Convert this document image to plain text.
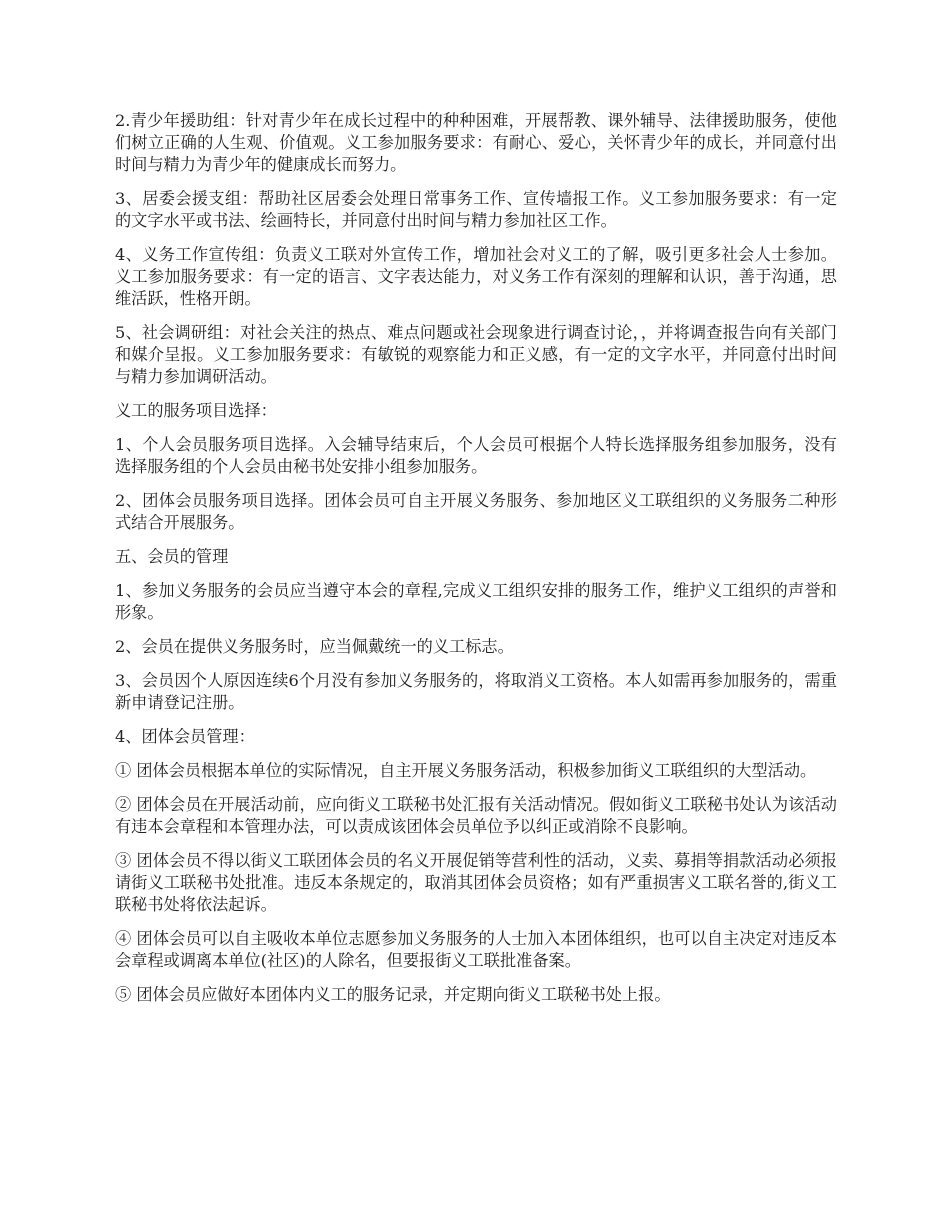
2.青少年援助组：针对青少年在成长过程中的种种困难，开展帮教、课外辅导、法律援助服务，使他们树立正确的人生观、价值观。义工参加服务要求：有耐心、爱心，关怀青少年的成长，并同意付出时间与精力为青少年的健康成长而努力。

3、居委会援支组：帮助社区居委会处理日常事务工作、宣传墙报工作。义工参加服务要求：有一定的文字水平或书法、绘画特长，并同意付出时间与精力参加社区工作。

4、义务工作宣传组：负责义工联对外宣传工作，增加社会对义工的了解，吸引更多社会人士参加。义工参加服务要求：有一定的语言、文字表达能力，对义务工作有深刻的理解和认识，善于沟通，思维活跃，性格开朗。

5、社会调研组：对社会关注的热点、难点问题或社会现象进行调查讨论，，并将调查报告向有关部门和媒介呈报。义工参加服务要求：有敏锐的观察能力和正义感，有一定的文字水平，并同意付出时间与精力参加调研活动。

义工的服务项目选择：

1、个人会员服务项目选择。入会辅导结束后，个人会员可根据个人特长选择服务组参加服务，没有选择服务组的个人会员由秘书处安排小组参加服务。

2、团体会员服务项目选择。团体会员可自主开展义务服务、参加地区义工联组织的义务服务二种形式结合开展服务。

五、会员的管理

1、参加义务服务的会员应当遵守本会的章程,完成义工组织安排的服务工作，维护义工组织的声誉和形象。

2、会员在提供义务服务时，应当佩戴统一的义工标志。

3、会员因个人原因连续6个月没有参加义务服务的，将取消义工资格。本人如需再参加服务的，需重新申请登记注册。

4、团体会员管理：

① 团体会员根据本单位的实际情况，自主开展义务服务活动，积极参加街义工联组织的大型活动。

② 团体会员在开展活动前，应向街义工联秘书处汇报有关活动情况。假如街义工联秘书处认为该活动有违本会章程和本管理办法，可以责成该团体会员单位予以纠正或消除不良影响。

③ 团体会员不得以街义工联团体会员的名义开展促销等营利性的活动，义卖、募捐等捐款活动必须报请街义工联秘书处批准。违反本条规定的，取消其团体会员资格；如有严重损害义工联名誉的,街义工联秘书处将依法起诉。

④ 团体会员可以自主吸收本单位志愿参加义务服务的人士加入本团体组织，也可以自主决定对违反本会章程或调离本单位(社区)的人除名，但要报街义工联批准备案。

⑤ 团体会员应做好本团体内义工的服务记录，并定期向街义工联秘书处上报。
